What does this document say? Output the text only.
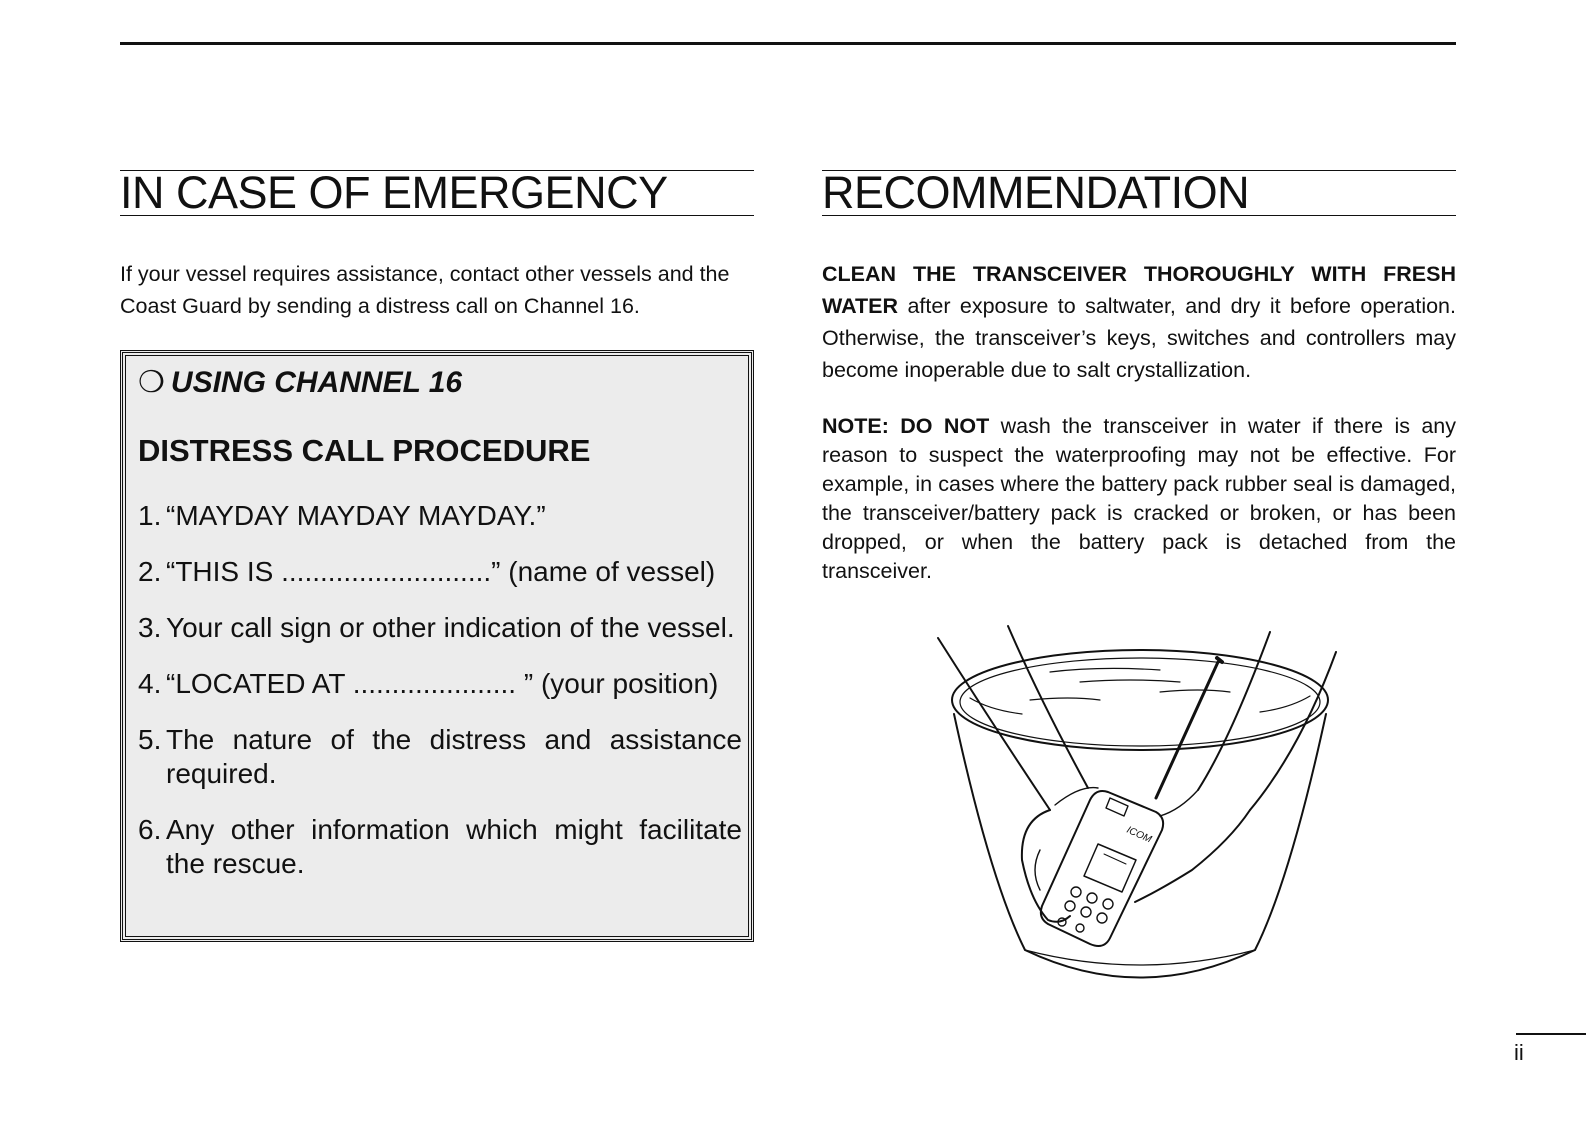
IN CASE OF EMERGENCY

If your vessel requires assistance, contact other vessels and the Coast Guard by sending a distress call on Channel 16.

❍ USING CHANNEL 16
DISTRESS CALL PROCEDURE
1. “MAYDAY MAYDAY MAYDAY.”
2. “THIS IS ...........................” (name of vessel)
3. Your call sign or other indication of the vessel.
4. “LOCATED AT ..................... ” (your position)
5. The nature of the distress and assistance required.
6. Any other information which might facilitate the rescue.
RECOMMENDATION

CLEAN THE TRANSCEIVER THOROUGHLY WITH FRESH WATER after exposure to saltwater, and dry it before operation. Otherwise, the transceiver’s keys, switches and controllers may become inoperable due to salt crystallization.

NOTE: DO NOT wash the transceiver in water if there is any reason to suspect the waterproofing may not be effective. For example, in cases where the battery pack rubber seal is damaged, the transceiver/battery pack is cracked or broken, or has been dropped, or when the battery pack is detached from the transceiver.

ICOM
ii
